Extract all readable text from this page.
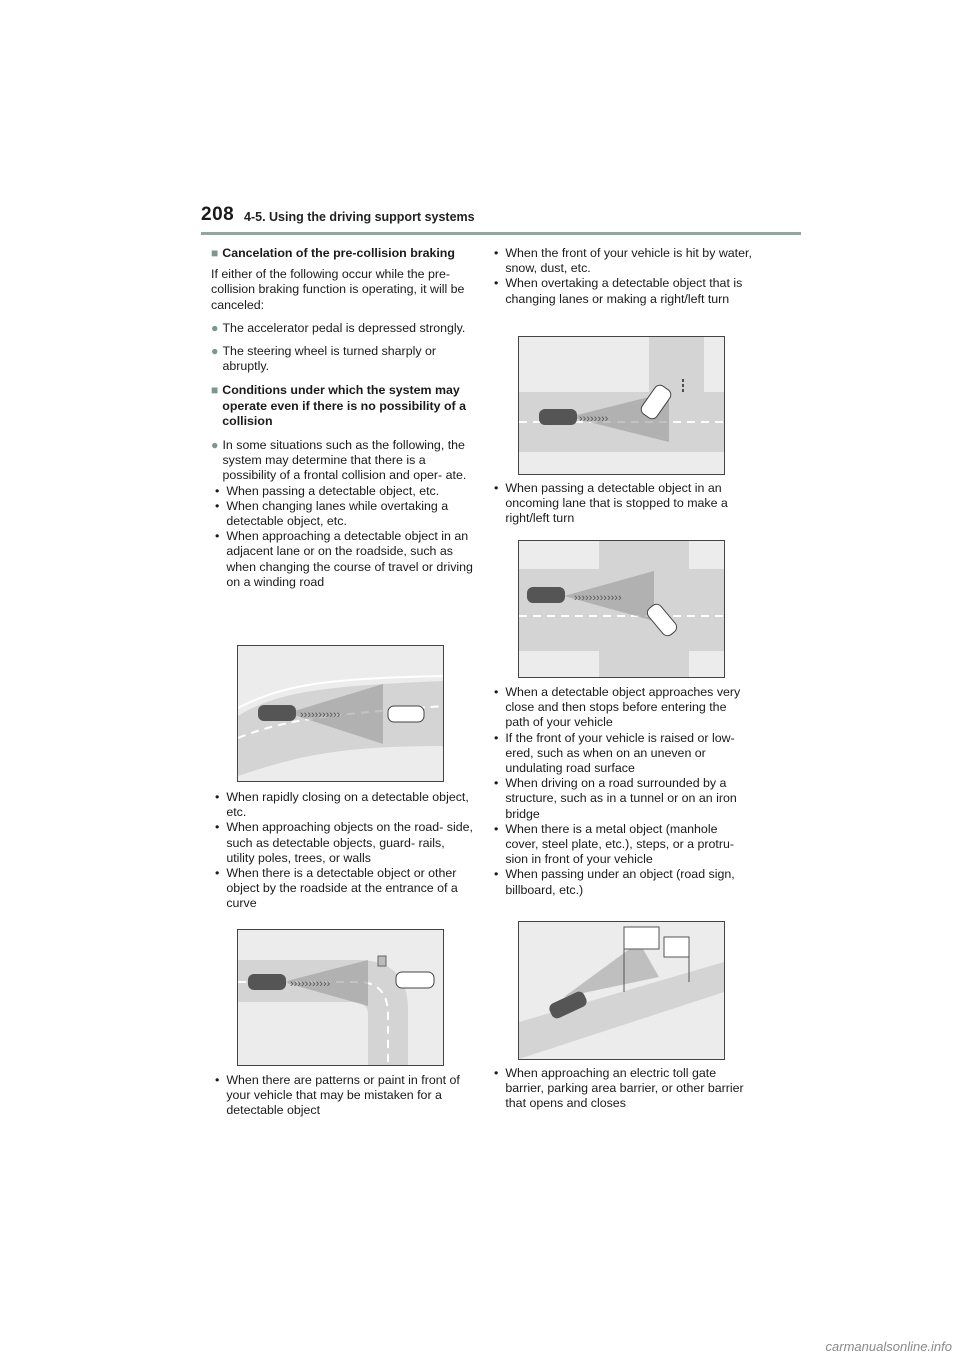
208 4-5. Using the driving support systems

■ Cancelation of the pre-collision braking

If either of the following occur while the pre-collision braking function is operating, it will be canceled:

● The accelerator pedal is depressed strongly.

● The steering wheel is turned sharply or abruptly.

■ Conditions under which the system may operate even if there is no possibility of a collision

● In some situations such as the following, the system may determine that there is a possibility of a frontal collision and oper- ate.

• When passing a detectable object, etc.

• When changing lanes while overtaking a detectable object, etc.

• When approaching a detectable object in an adjacent lane or on the roadside, such as when changing the course of travel or driving on a winding road

›››››››››››

• When rapidly closing on a detectable object, etc.

• When approaching objects on the road- side, such as detectable objects, guard- rails, utility poles, trees, or walls

• When there is a detectable object or other object by the roadside at the entrance of a curve

›››››››››››

• When there are patterns or paint in front of your vehicle that may be mistaken for a detectable object

• When the front of your vehicle is hit by water, snow, dust, etc.

• When overtaking a detectable object that is changing lanes or making a right/left turn

››››››››

• When passing a detectable object in an oncoming lane that is stopped to make a right/left turn

›››››››››››››

• When a detectable object approaches very close and then stops before entering the path of your vehicle

• If the front of your vehicle is raised or low- ered, such as when on an uneven or undulating road surface

• When driving on a road surrounded by a structure, such as in a tunnel or on an iron bridge

• When there is a metal object (manhole cover, steel plate, etc.), steps, or a protru- sion in front of your vehicle

• When passing under an object (road sign, billboard, etc.)

• When approaching an electric toll gate barrier, parking area barrier, or other barrier that opens and closes

carmanualsonline.info
